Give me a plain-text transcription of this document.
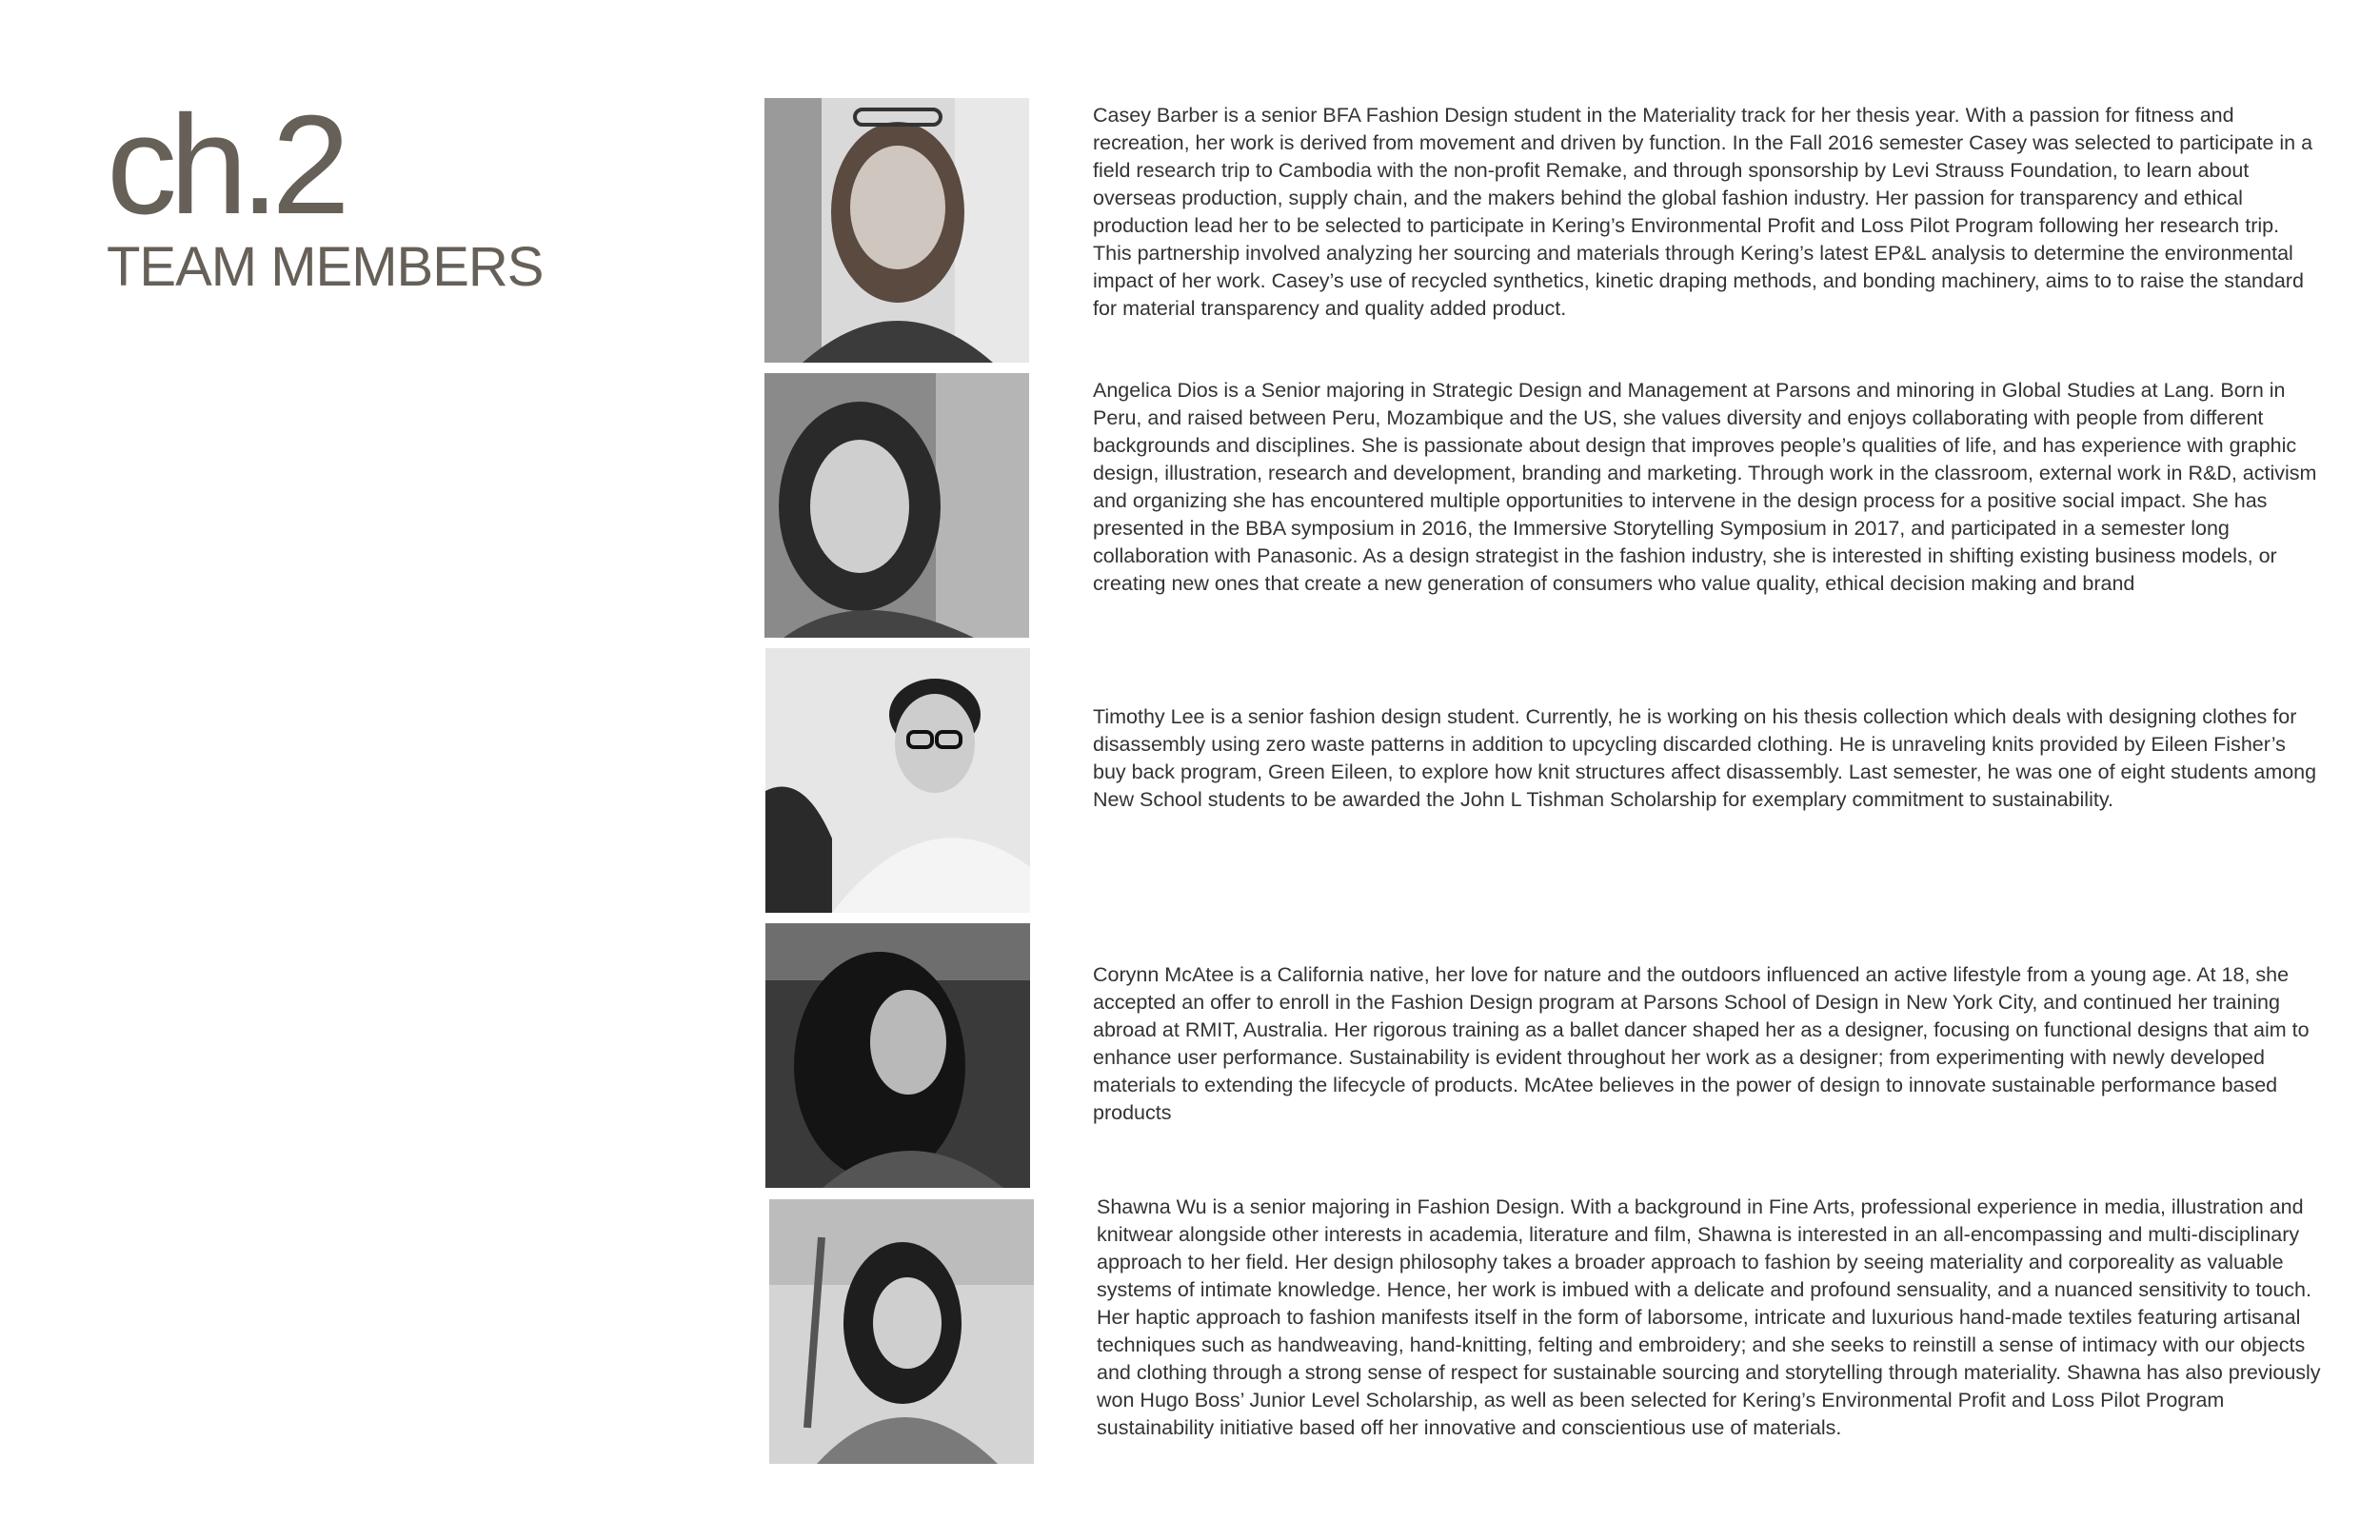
ch.2
TEAM MEMBERS

Casey Barber is a senior BFA Fashion Design student in the Materiality track for her thesis year. With a passion for fitness and recreation, her work is derived from movement and driven by function. In the Fall 2016 semester Casey was selected to participate in a field research trip to Cambodia with the non-profit Remake, and through sponsorship by Levi Strauss Foundation, to learn about overseas production, supply chain, and the makers behind the global fashion industry. Her passion for transparency and ethical production lead her to be selected to participate in Kering’s Environmental Profit and Loss Pilot Program following her research trip. This partnership involved analyzing her sourcing and materials through Kering’s latest EP&L analysis to determine the environmental impact of her work. Casey’s use of recycled synthetics, kinetic draping methods, and bonding machinery, aims to to raise the standard for material transparency and quality added product.

Angelica Dios is a Senior majoring in Strategic Design and Management at Parsons and minoring in Global Studies at Lang. Born in Peru, and raised between Peru, Mozambique and the US, she values diversity and enjoys collaborating with people from different backgrounds and disciplines. She is passionate about design that improves people’s qualities of life, and has experience with graphic design, illustration, research and development, branding and marketing. Through work in the classroom, external work in R&D, activism and organizing she has encountered multiple opportunities to intervene in the design process for a positive social impact. She has presented in the BBA symposium in 2016, the Immersive Storytelling Symposium in 2017, and participated in a semester long collaboration with Panasonic. As a design strategist in the fashion industry, she is interested in shifting existing business models, or creating new ones that create a new generation of consumers who value quality, ethical decision making and brand

Timothy Lee is a senior fashion design student. Currently, he is working on his thesis collection which deals with designing clothes for disassembly using zero waste patterns in addition to upcycling discarded clothing. He is unraveling knits provided by Eileen Fisher’s buy back program, Green Eileen, to explore how knit structures affect disassembly. Last semester, he was one of eight students among New School students to be awarded the John L Tishman Scholarship for exemplary commitment to sustainability.

Corynn McAtee is a California native, her love for nature and the outdoors influenced an active lifestyle from a young age. At 18, she accepted an offer to enroll in the Fashion Design program at Parsons School of Design in New York City, and continued her training abroad at RMIT, Australia. Her rigorous training as a ballet dancer shaped her as a designer, focusing on functional designs that aim to enhance user performance. Sustainability is evident throughout her work as a designer; from experimenting with newly developed materials to extending the lifecycle of products. McAtee believes in the power of design to innovate sustainable performance based products

Shawna Wu is a senior majoring in Fashion Design. With a background in Fine Arts, professional experience in media, illustration and knitwear alongside other interests in academia, literature and film, Shawna is interested in an all-encompassing and multi-disciplinary approach to her field. Her design philosophy takes a broader approach to fashion by seeing materiality and corporeality as valuable systems of intimate knowledge. Hence, her work is imbued with a delicate and profound sensuality, and a nuanced sensitivity to touch. Her haptic approach to fashion manifests itself in the form of laborsome, intricate and luxurious hand-made textiles featuring artisanal techniques such as handweaving, hand-knitting, felting and embroidery; and she seeks to reinstill a sense of intimacy with our objects and clothing through a strong sense of respect for sustainable sourcing and storytelling through materiality. Shawna has also previously won Hugo Boss’ Junior Level Scholarship, as well as been selected for Kering’s Environmental Profit and Loss Pilot Program sustainability initiative based off her innovative and conscientious use of materials.
